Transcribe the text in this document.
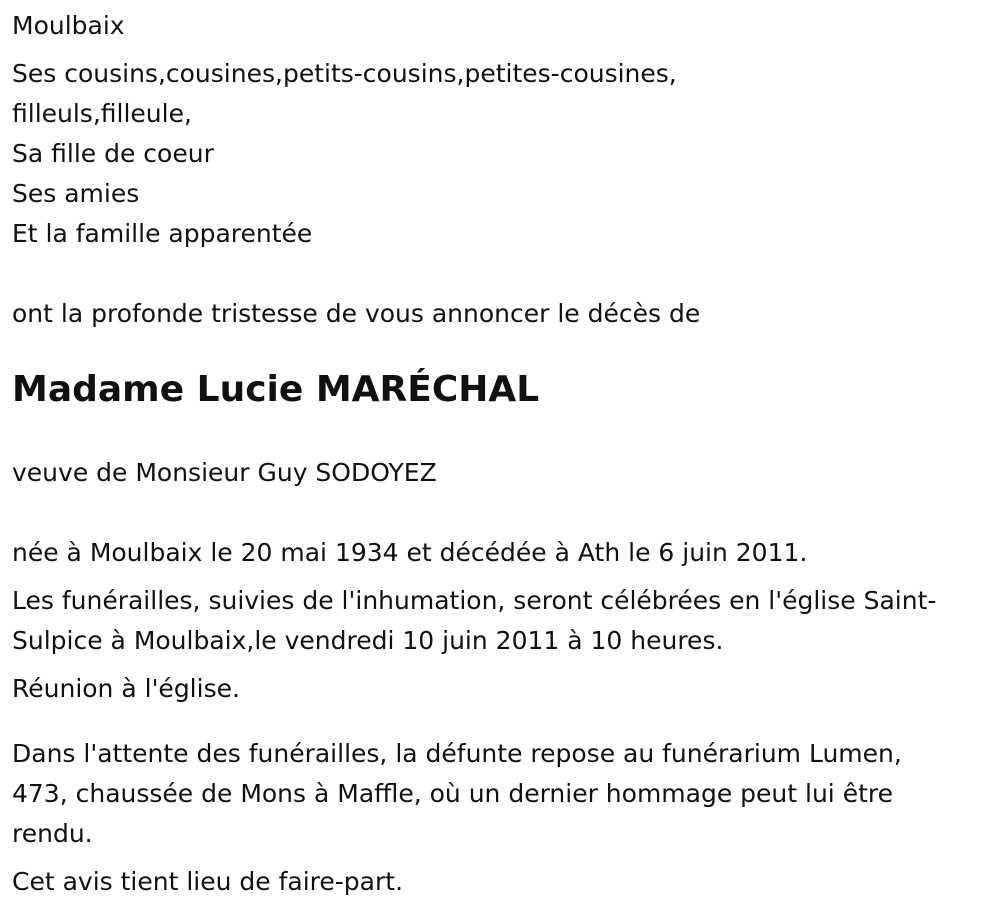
Moulbaix

Ses cousins,cousines,petits-cousins,petites-cousines,

filleuls,filleule,

Sa fille de coeur

Ses amies

Et la famille apparentée

ont la profonde tristesse de vous annoncer le décès de

Madame Lucie MARÉCHAL

veuve de Monsieur Guy SODOYEZ

née à Moulbaix le 20 mai 1934 et décédée à Ath le 6 juin 2011.

Les funérailles, suivies de l'inhumation, seront célébrées en l'église Saint-
Sulpice à Moulbaix,le vendredi 10 juin 2011 à 10 heures.

Réunion à l'église.

Dans l'attente des funérailles, la défunte repose au funérarium Lumen,
473, chaussée de Mons à Maffle, où un dernier hommage peut lui être
rendu.

Cet avis tient lieu de faire-part.
